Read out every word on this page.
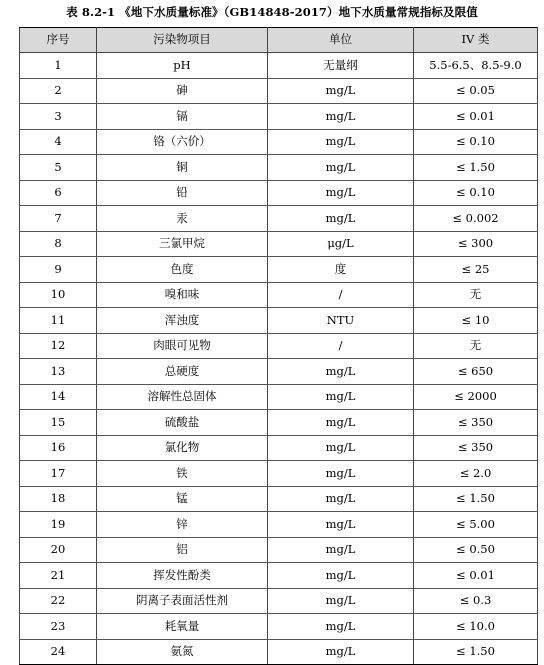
表 8.2-1 《地下水质量标准》（GB14848-2017）地下水质量常规指标及限值
序号	污染物项目	单位	IV 类
1	pH	无量纲	5.5-6.5、8.5-9.0
2	砷	mg/L	≤ 0.05
3	镉	mg/L	≤ 0.01
4	铬（六价）	mg/L	≤ 0.10
5	铜	mg/L	≤ 1.50
6	铅	mg/L	≤ 0.10
7	汞	mg/L	≤ 0.002
8	三氯甲烷	μg/L	≤ 300
9	色度	度	≤ 25
10	嗅和味	/	无
11	浑浊度	NTU	≤ 10
12	肉眼可见物	/	无
13	总硬度	mg/L	≤ 650
14	溶解性总固体	mg/L	≤ 2000
15	硫酸盐	mg/L	≤ 350
16	氯化物	mg/L	≤ 350
17	铁	mg/L	≤ 2.0
18	锰	mg/L	≤ 1.50
19	锌	mg/L	≤ 5.00
20	铝	mg/L	≤ 0.50
21	挥发性酚类	mg/L	≤ 0.01
22	阴离子表面活性剂	mg/L	≤ 0.3
23	耗氧量	mg/L	≤ 10.0
24	氨氮	mg/L	≤ 1.50
